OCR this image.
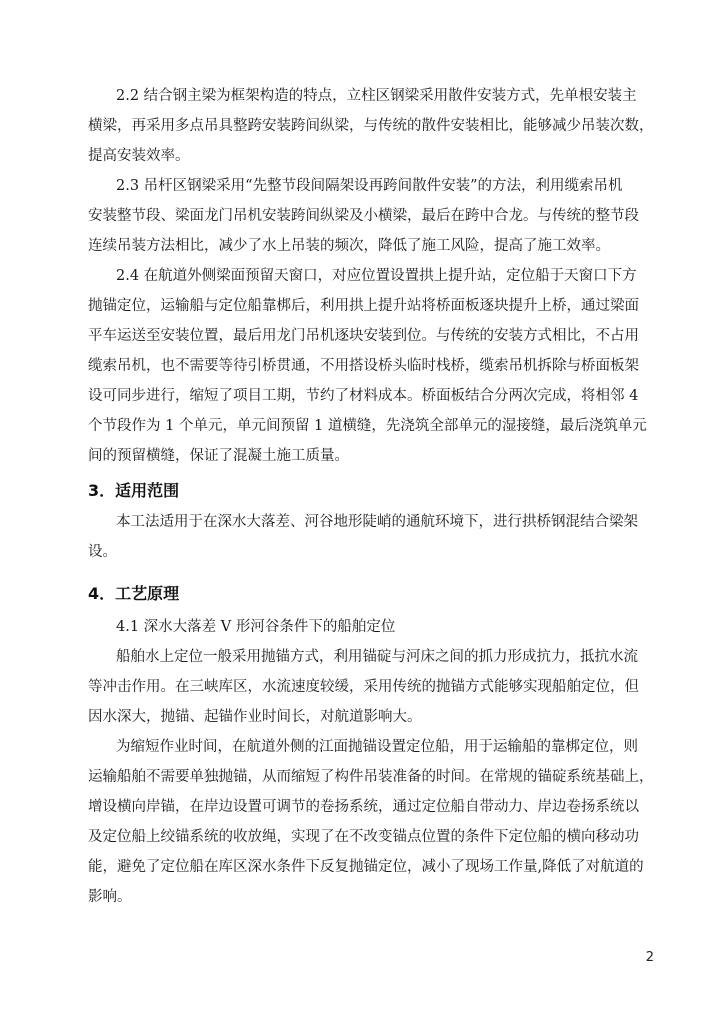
2.2 结合钢主梁为框架构造的特点，立柱区钢梁采用散件安装方式，先单根安装主
横梁，再采用多点吊具整跨安装跨间纵梁，与传统的散件安装相比，能够减少吊装次数，
提高安装效率。
2.3 吊杆区钢梁采用“先整节段间隔架设再跨间散件安装”的方法，利用缆索吊机
安装整节段、梁面龙门吊机安装跨间纵梁及小横梁，最后在跨中合龙。与传统的整节段
连续吊装方法相比，减少了水上吊装的频次，降低了施工风险，提高了施工效率。
2.4 在航道外侧梁面预留天窗口，对应位置设置拱上提升站，定位船于天窗口下方
抛锚定位，运输船与定位船靠梆后，利用拱上提升站将桥面板逐块提升上桥，通过梁面
平车运送至安装位置，最后用龙门吊机逐块安装到位。与传统的安装方式相比，不占用
缆索吊机，也不需要等待引桥贯通，不用搭设桥头临时栈桥，缆索吊机拆除与桥面板架
设可同步进行，缩短了项目工期，节约了材料成本。桥面板结合分两次完成，将相邻 4
个节段作为 1 个单元，单元间预留 1 道横缝，先浇筑全部单元的湿接缝，最后浇筑单元
间的预留横缝，保证了混凝土施工质量。
3．适用范围
本工法适用于在深水大落差、河谷地形陡峭的通航环境下，进行拱桥钢混结合梁架
设。
4．工艺原理
4.1 深水大落差 V 形河谷条件下的船舶定位
船舶水上定位一般采用抛锚方式，利用锚碇与河床之间的抓力形成抗力，抵抗水流
等冲击作用。在三峡库区，水流速度较缓，采用传统的抛锚方式能够实现船舶定位，但
因水深大，抛锚、起锚作业时间长，对航道影响大。
为缩短作业时间，在航道外侧的江面抛锚设置定位船，用于运输船的靠梆定位，则
运输船舶不需要单独抛锚，从而缩短了构件吊装准备的时间。在常规的锚碇系统基础上，
增设横向岸锚，在岸边设置可调节的卷扬系统，通过定位船自带动力、岸边卷扬系统以
及定位船上绞锚系统的收放绳，实现了在不改变锚点位置的条件下定位船的横向移动功
能，避免了定位船在库区深水条件下反复抛锚定位，减小了现场工作量,降低了对航道的
影响。
2
